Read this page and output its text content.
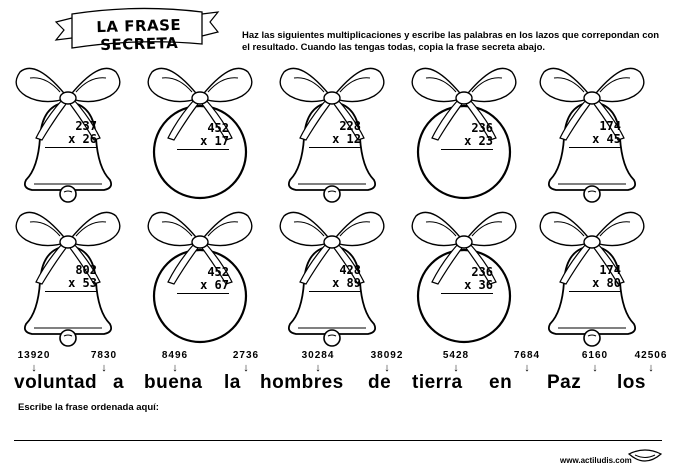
LA FRASE SECRETA	Haz las siguientes multiplicaciones y escribe las palabras en los lazos que correpondan con el resultado. Cuando las tengas todas, copia la frase secreta abajo.
237
x 26
452
x 17
228
x 12
236
x 23
174
x 45
802
x 53
452
x 67
428
x 89
236
x 36
174
x 80
13920
↓
7830
↓
8496
↓
2736
↓
30284
↓
38092
↓
5428
↓
7684
↓
6160
↓
42506
↓
voluntad a buena la hombres de tierra en Paz los
Escribe la frase ordenada aquí:
www.actiludis.com
